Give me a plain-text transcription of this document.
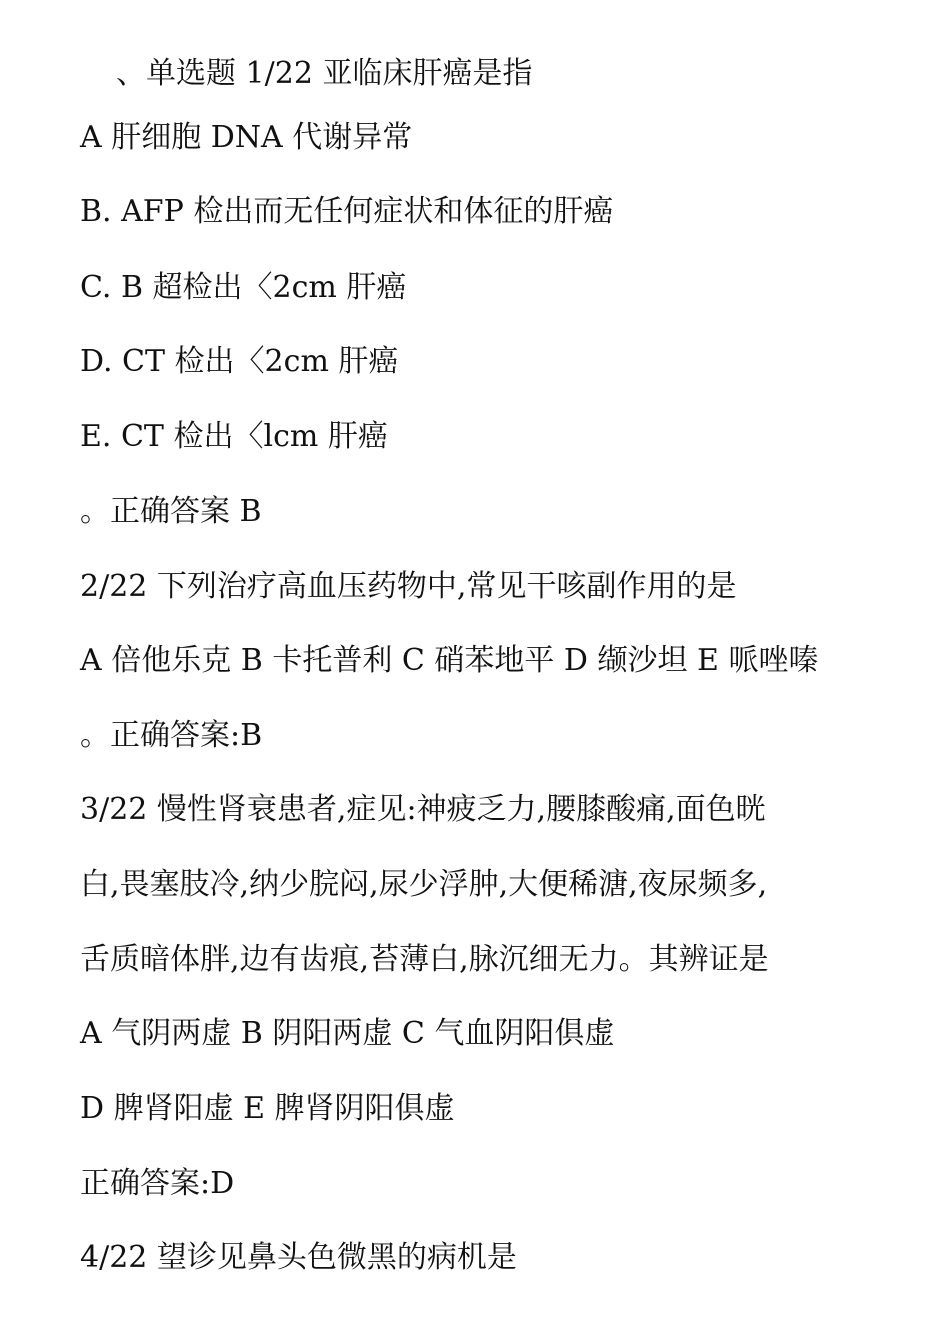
、单选题 1/22 亚临床肝癌是指
A 肝细胞 DNA 代谢异常
B. AFP 检出而无任何症状和体征的肝癌
C. B 超检出〈2cm 肝癌
D. CT 检出〈2cm 肝癌
E. CT 检出〈lcm 肝癌
。正确答案 B
2/22 下列治疗高血压药物中,常见干咳副作用的是
A 倍他乐克 B 卡托普利 C 硝苯地平 D 缬沙坦 E 哌唑嗪
。正确答案:B
3/22 慢性肾衰患者,症见:神疲乏力,腰膝酸痛,面色晄
白,畏塞肢冷,纳少脘闷,尿少浮肿,大便稀溏,夜尿频多,
舌质暗体胖,边有齿痕,苔薄白,脉沉细无力。其辨证是
A 气阴两虚 B 阴阳两虚 C 气血阴阳俱虚
D 脾肾阳虚 E 脾肾阴阳俱虚
正确答案:D
4/22 望诊见鼻头色微黑的病机是
